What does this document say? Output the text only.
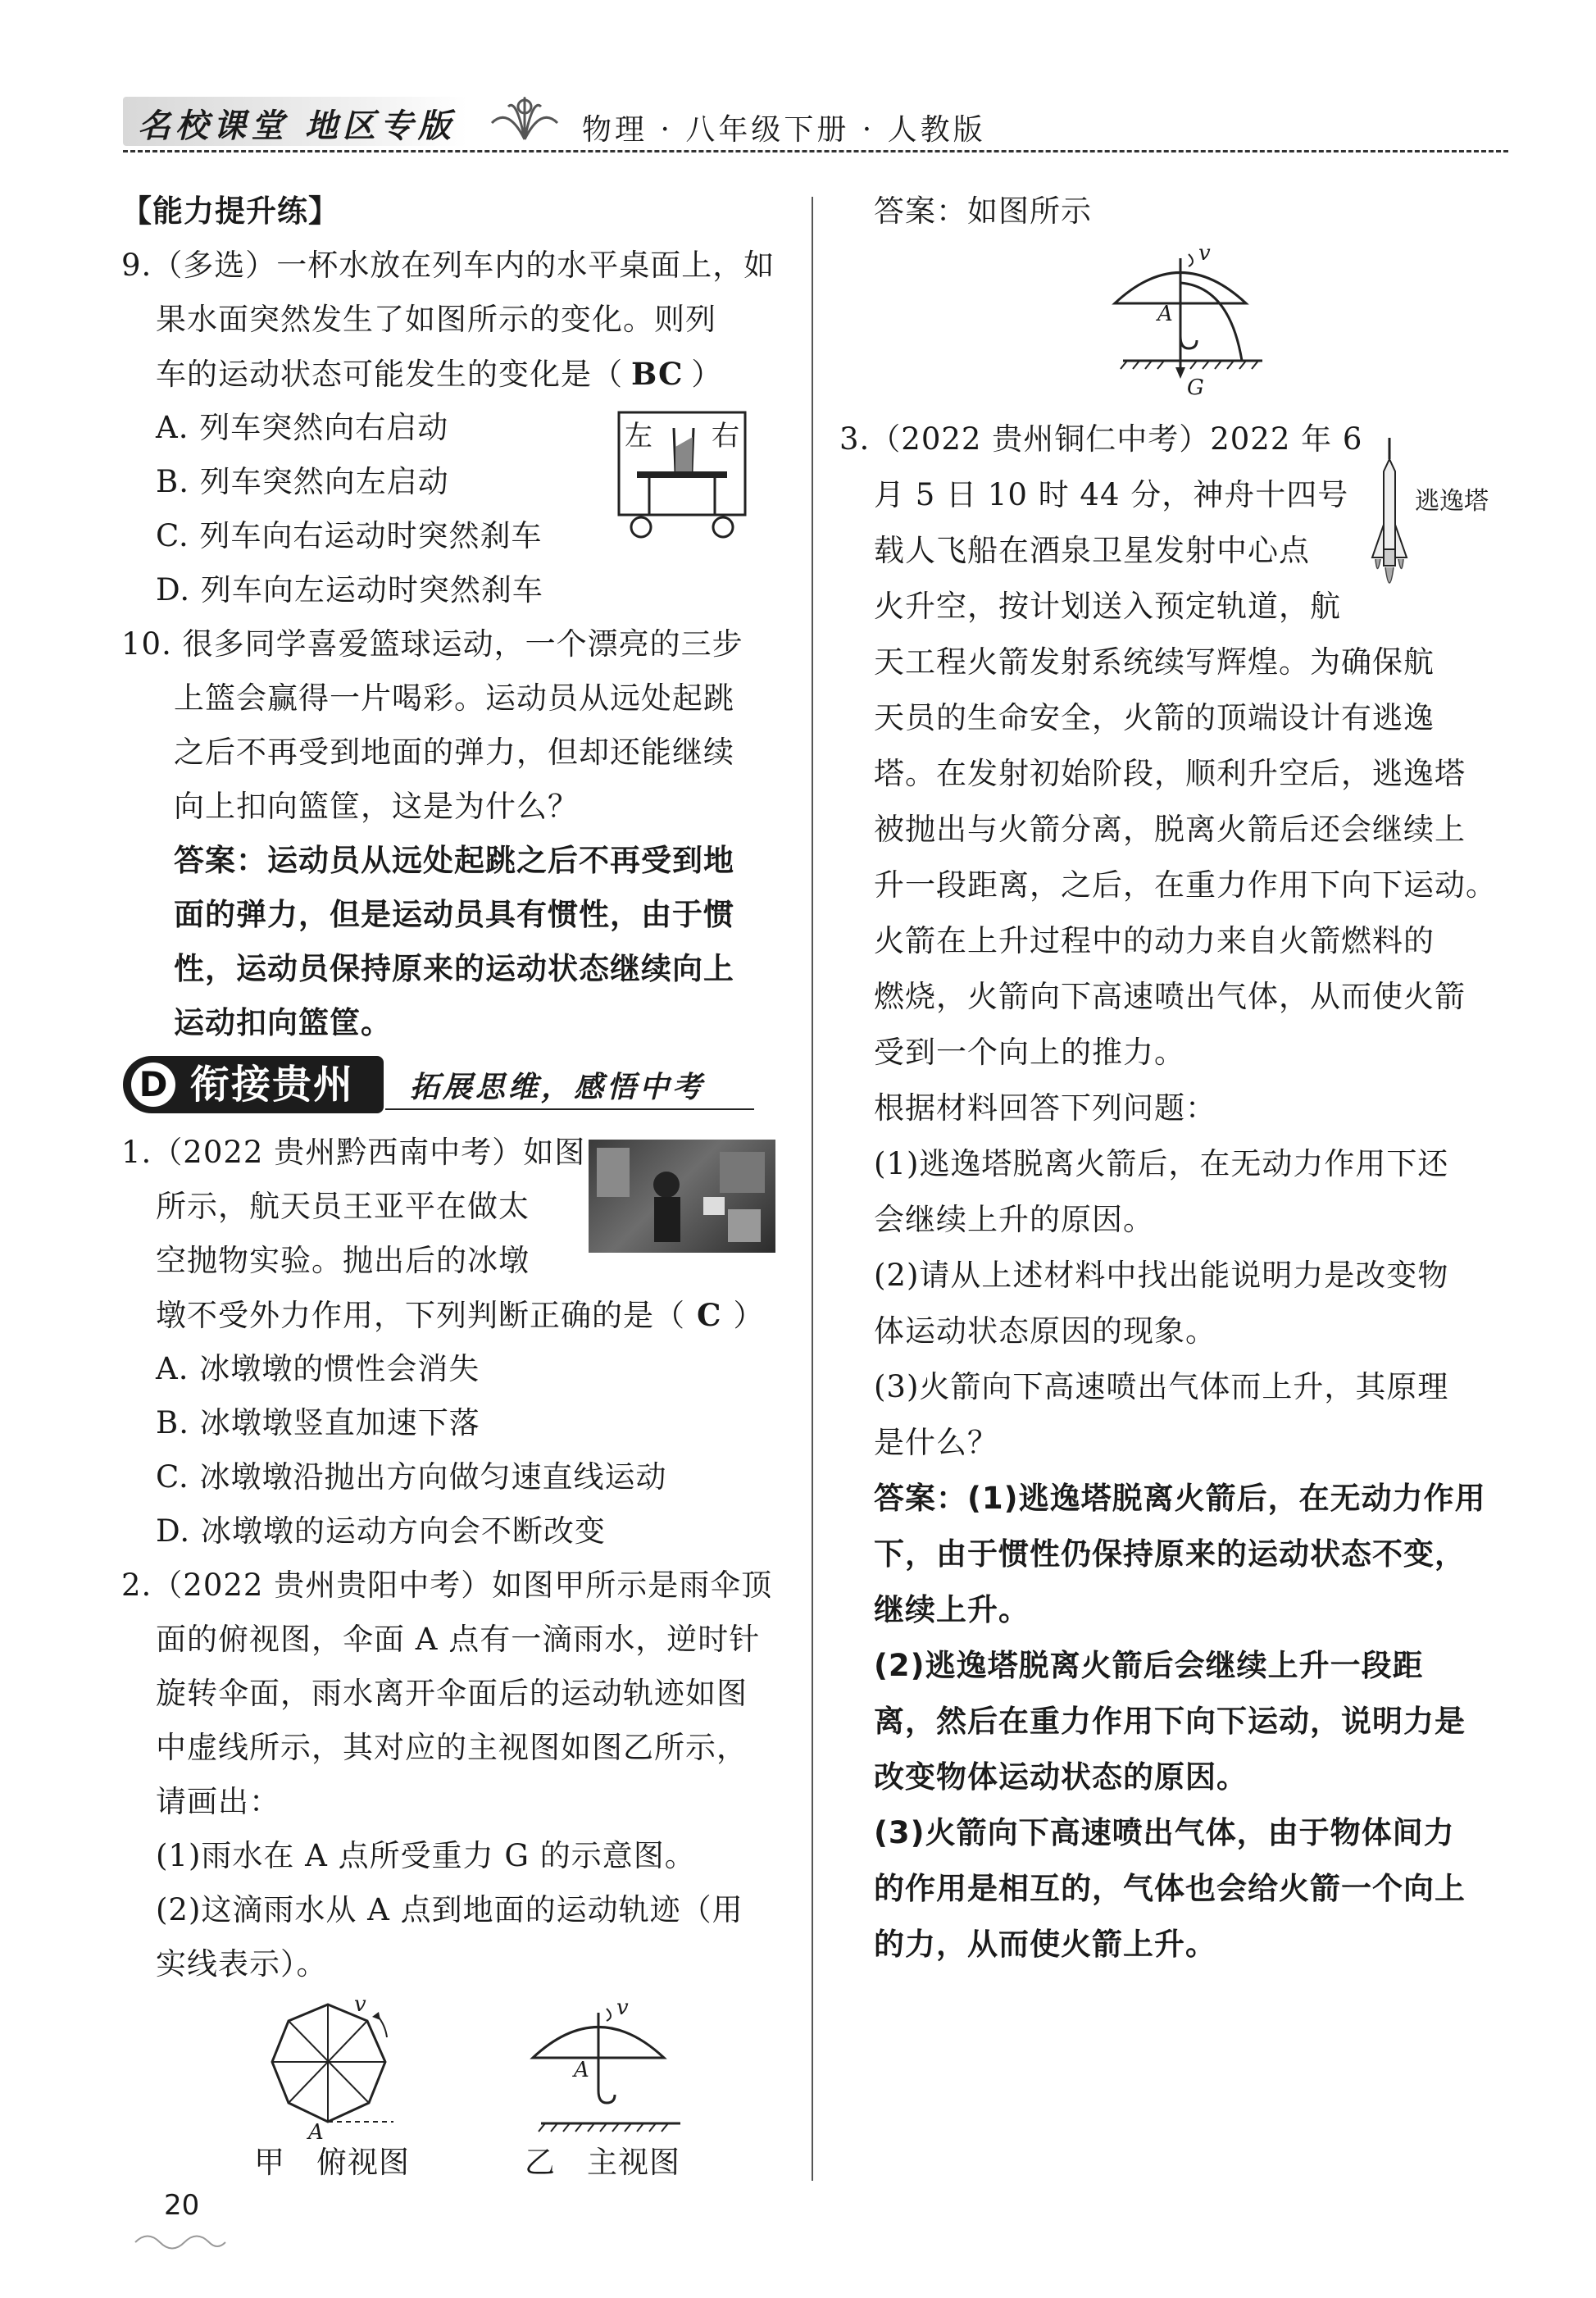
名校课堂 地区专版	物理 · 八年级下册 · 人教版
【能力提升练】
9.（多选）一杯水放在列车内的水平桌面上，如
果水面突然发生了如图所示的变化。则列
车的运动状态可能发生的变化是（ BC ）
A. 列车突然向右启动
B. 列车突然向左启动
C. 列车向右运动时突然刹车
D. 列车向左运动时突然刹车
左 右
10. 很多同学喜爱篮球运动，一个漂亮的三步
上篮会赢得一片喝彩。运动员从远处起跳
之后不再受到地面的弹力，但却还能继续
向上扣向篮筐，这是为什么？
答案：运动员从远处起跳之后不再受到地
面的弹力，但是运动员具有惯性，由于惯
性，运动员保持原来的运动状态继续向上
运动扣向篮筐。
D 衔接贵州 拓展思维，感悟中考
1.（2022 贵州黔西南中考）如图
所示，航天员王亚平在做太
空抛物实验。抛出后的冰墩
墩不受外力作用，下列判断正确的是（ C ）
A. 冰墩墩的惯性会消失
B. 冰墩墩竖直加速下落
C. 冰墩墩沿抛出方向做匀速直线运动
D. 冰墩墩的运动方向会不断改变
2.（2022 贵州贵阳中考）如图甲所示是雨伞顶
面的俯视图，伞面 A 点有一滴雨水，逆时针
旋转伞面，雨水离开伞面后的运动轨迹如图
中虚线所示，其对应的主视图如图乙所示，
请画出：
(1)雨水在 A 点所受重力 G 的示意图。
(2)这滴雨水从 A 点到地面的运动轨迹（用
实线表示）。
v
A
甲　俯视图
v
A
乙　主视图
20
答案：如图所示
v
A
G
3.（2022 贵州铜仁中考）2022 年 6
月 5 日 10 时 44 分，神舟十四号
载人飞船在酒泉卫星发射中心点
火升空，按计划送入预定轨道，航
天工程火箭发射系统续写辉煌。为确保航
天员的生命安全，火箭的顶端设计有逃逸
塔。在发射初始阶段，顺利升空后，逃逸塔
被抛出与火箭分离，脱离火箭后还会继续上
升一段距离，之后，在重力作用下向下运动。
火箭在上升过程中的动力来自火箭燃料的
燃烧，火箭向下高速喷出气体，从而使火箭
受到一个向上的推力。
根据材料回答下列问题：
(1)逃逸塔脱离火箭后，在无动力作用下还
会继续上升的原因。
(2)请从上述材料中找出能说明力是改变物
体运动状态原因的现象。
(3)火箭向下高速喷出气体而上升，其原理
是什么？
逃逸塔
答案：(1)逃逸塔脱离火箭后，在无动力作用
下，由于惯性仍保持原来的运动状态不变，
继续上升。
(2)逃逸塔脱离火箭后会继续上升一段距
离，然后在重力作用下向下运动，说明力是
改变物体运动状态的原因。
(3)火箭向下高速喷出气体，由于物体间力
的作用是相互的，气体也会给火箭一个向上
的力，从而使火箭上升。
